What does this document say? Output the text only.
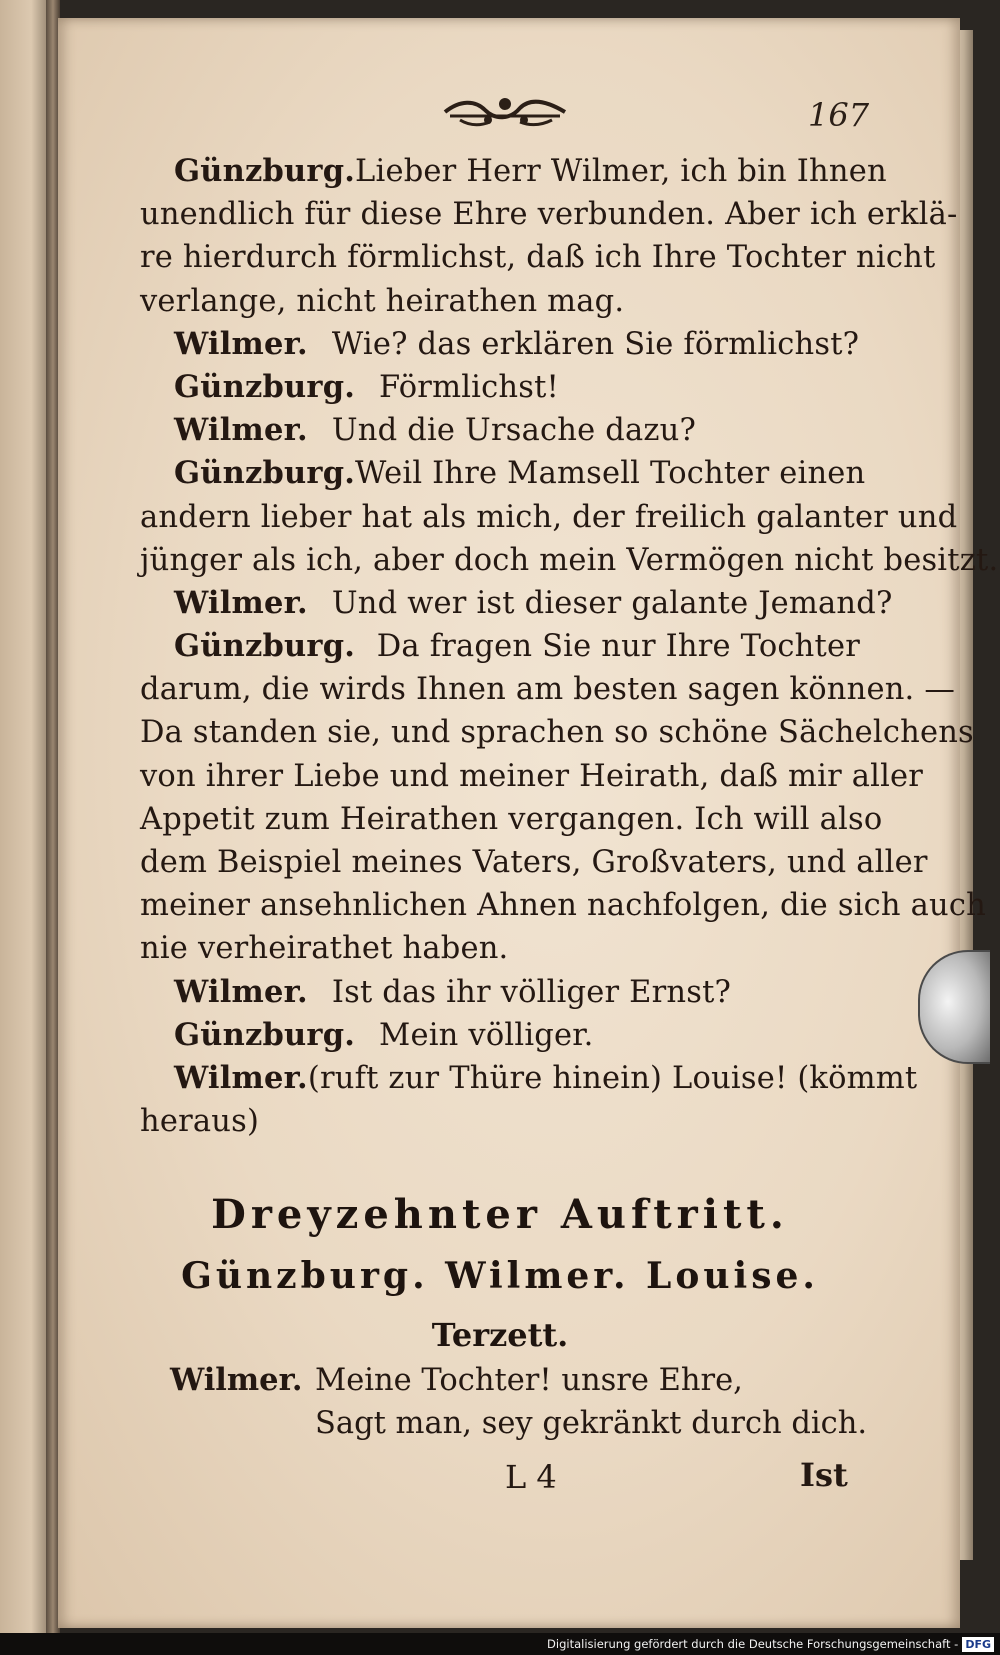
167
Günzburg. Lieber Herr Wilmer, ich bin Ihnen
unendlich für diese Ehre verbunden. Aber ich erklä-
re hierdurch förmlichst, daß ich Ihre Tochter nicht
verlange, nicht heirathen mag.
Wilmer. Wie? das erklären Sie förmlichst?
Günzburg. Förmlichst!
Wilmer. Und die Ursache dazu?
Günzburg. Weil Ihre Mamsell Tochter einen
andern lieber hat als mich, der freilich galanter und
jünger als ich, aber doch mein Vermögen nicht besitzt.
Wilmer. Und wer ist dieser galante Jemand?
Günzburg. Da fragen Sie nur Ihre Tochter
darum, die wirds Ihnen am besten sagen können. —
Da standen sie, und sprachen so schöne Sächelchens
von ihrer Liebe und meiner Heirath, daß mir aller
Appetit zum Heirathen vergangen. Ich will also
dem Beispiel meines Vaters, Großvaters, und aller
meiner ansehnlichen Ahnen nachfolgen, die sich auch
nie verheirathet haben.
Wilmer. Ist das ihr völliger Ernst?
Günzburg. Mein völliger.
Wilmer. (ruft zur Thüre hinein) Louise! (kömmt
heraus)
Dreyzehnter Auftritt.
Günzburg. Wilmer. Louise.
Terzett.
Wilmer. Meine Tochter! unsre Ehre,
Sagt man, sey gekränkt durch dich.
L 4	Ist
Digitalisierung gefördert durch die Deutsche Forschungsgemeinschaft - DFG
